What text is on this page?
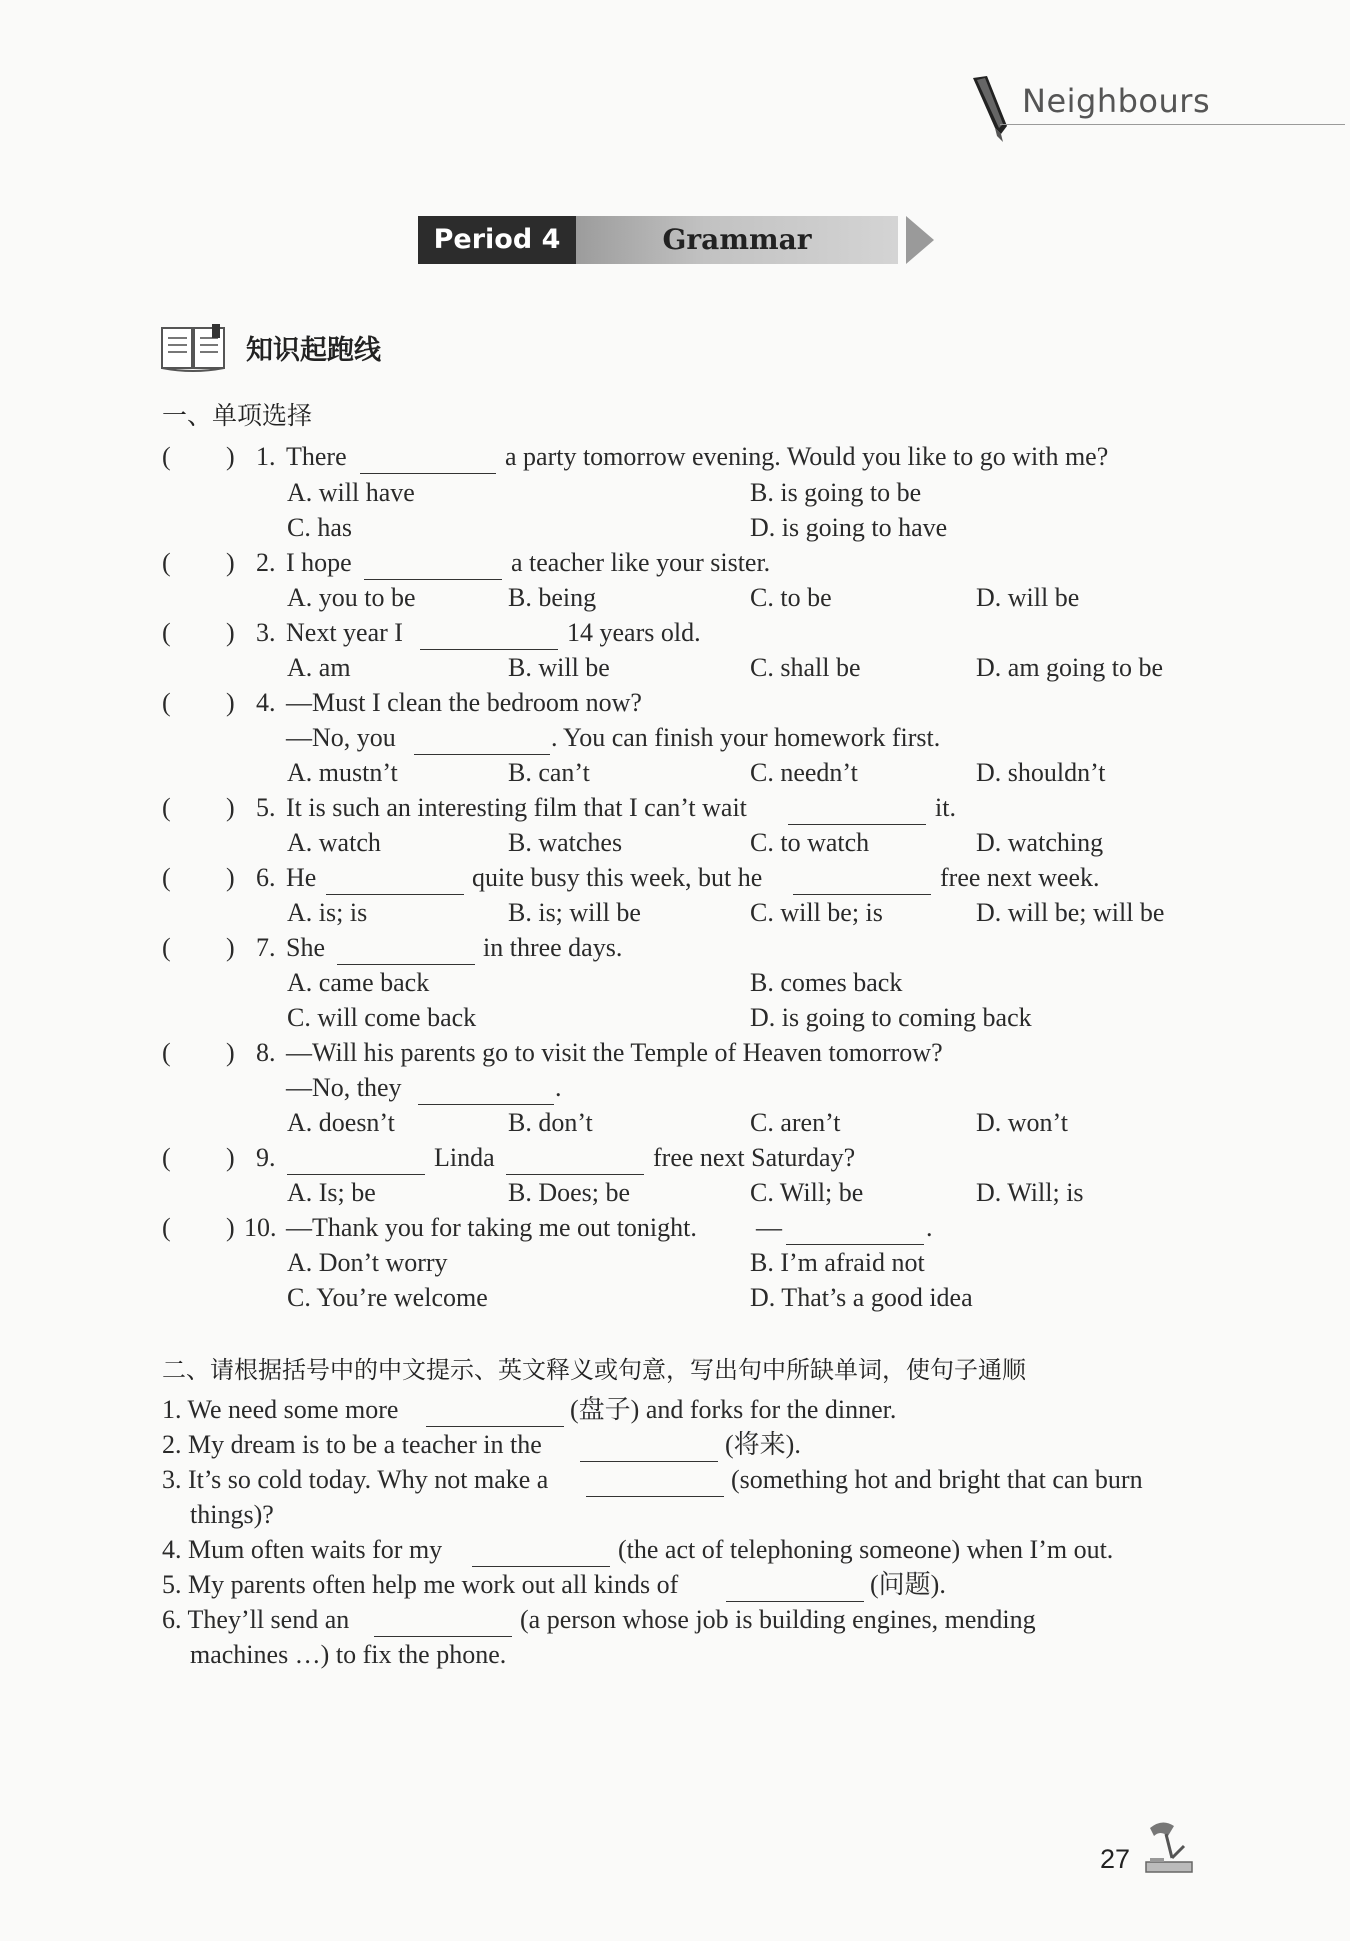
Neighbours
Period 4	Grammar
知识起跑线
一、单项选择
( ) 1. There	a party tomorrow evening. Would you like to go with me?
A. will have	B. is going to be
C. has	D. is going to have
( ) 2. I hope	a teacher like your sister.
A. you to be	B. being	C. to be	D. will be
( ) 3. Next year I	14 years old.
A. am	B. will be	C. shall be	D. am going to be
( ) 4. —Must I clean the bedroom now?
—No, you	. You can finish your homework first.
A. mustn’t	B. can’t	C. needn’t	D. shouldn’t
( ) 5. It is such an interesting film that I can’t wait	it.
A. watch	B. watches	C. to watch	D. watching
( ) 6. He	quite busy this week, but he	free next week.
A. is; is	B. is; will be	C. will be; is	D. will be; will be
( ) 7. She	in three days.
A. came back	B. comes back
C. will come back	D. is going to coming back
( ) 8. —Will his parents go to visit the Temple of Heaven tomorrow?
—No, they	.
A. doesn’t	B. don’t	C. aren’t	D. won’t
( ) 9.	Linda	free next Saturday?
A. Is; be	B. Does; be	C. Will; be	D. Will; is
( ) 10. —Thank you for taking me out tonight. —	.
A. Don’t worry	B. I’m afraid not
C. You’re welcome	D. That’s a good idea
二、请根据括号中的中文提示、英文释义或句意，写出句中所缺单词，使句子通顺
1. We need some more	(盘子) and forks for the dinner.
2. My dream is to be a teacher in the	(将来).
3. It’s so cold today. Why not make a	(something hot and bright that can burn
things)?
4. Mum often waits for my	(the act of telephoning someone) when I’m out.
5. My parents often help me work out all kinds of	(问题).
6. They’ll send an	(a person whose job is building engines, mending
machines …) to fix the phone.
27
